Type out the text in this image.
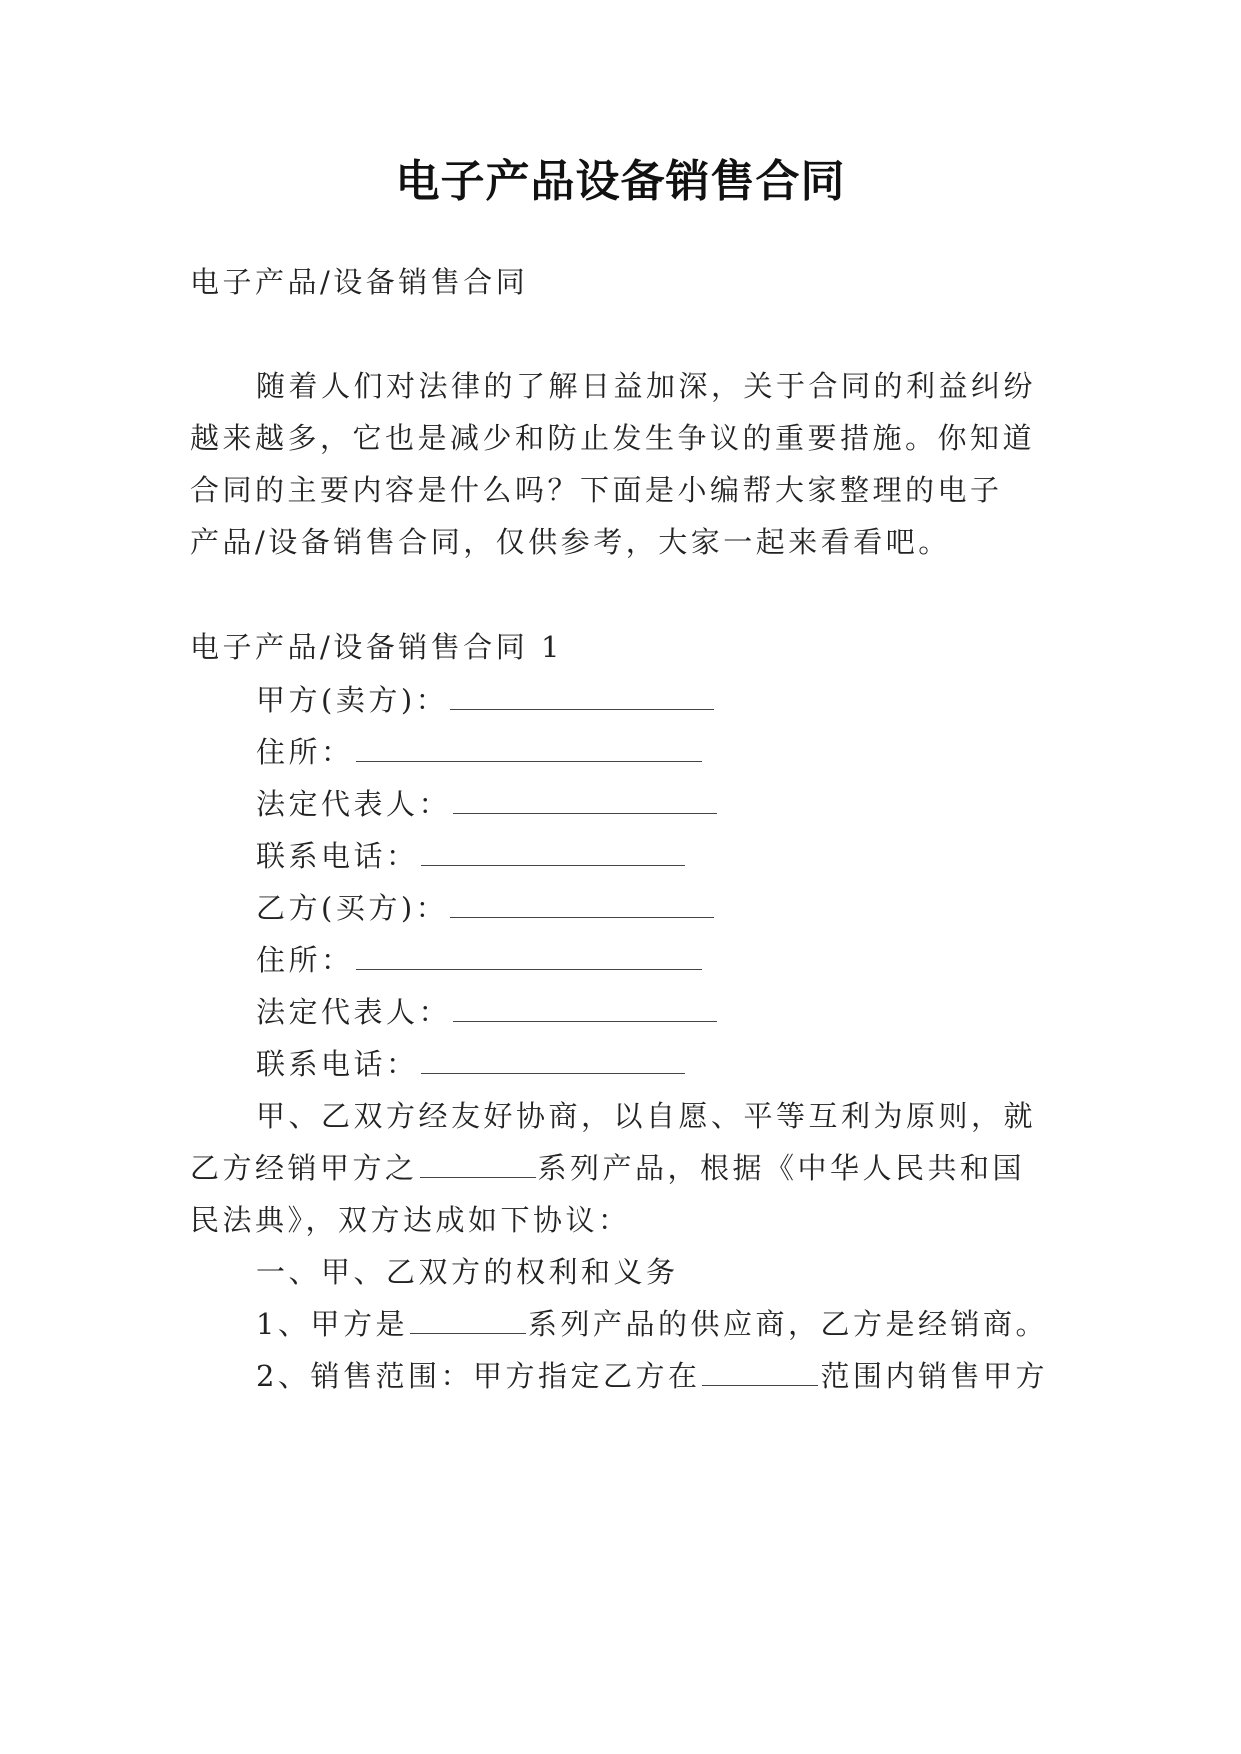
电子产品设备销售合同
电子产品/设备销售合同
随着人们对法律的了解日益加深，关于合同的利益纠纷
越来越多，它也是减少和防止发生争议的重要措施。你知道
合同的主要内容是什么吗？下面是小编帮大家整理的电子
产品/设备销售合同，仅供参考，大家一起来看看吧。
电子产品/设备销售合同 1
甲方(卖方)：
住所：
法定代表人：
联系电话：
乙方(买方)：
住所：
法定代表人：
联系电话：
甲、乙双方经友好协商，以自愿、平等互利为原则，就
乙方经销甲方之	系列产品，根据《中华人民共和国
民法典》，双方达成如下协议：
一、甲、乙双方的权利和义务
1、甲方是	系列产品的供应商，乙方是经销商。
2、销售范围：甲方指定乙方在	范围内销售甲方
